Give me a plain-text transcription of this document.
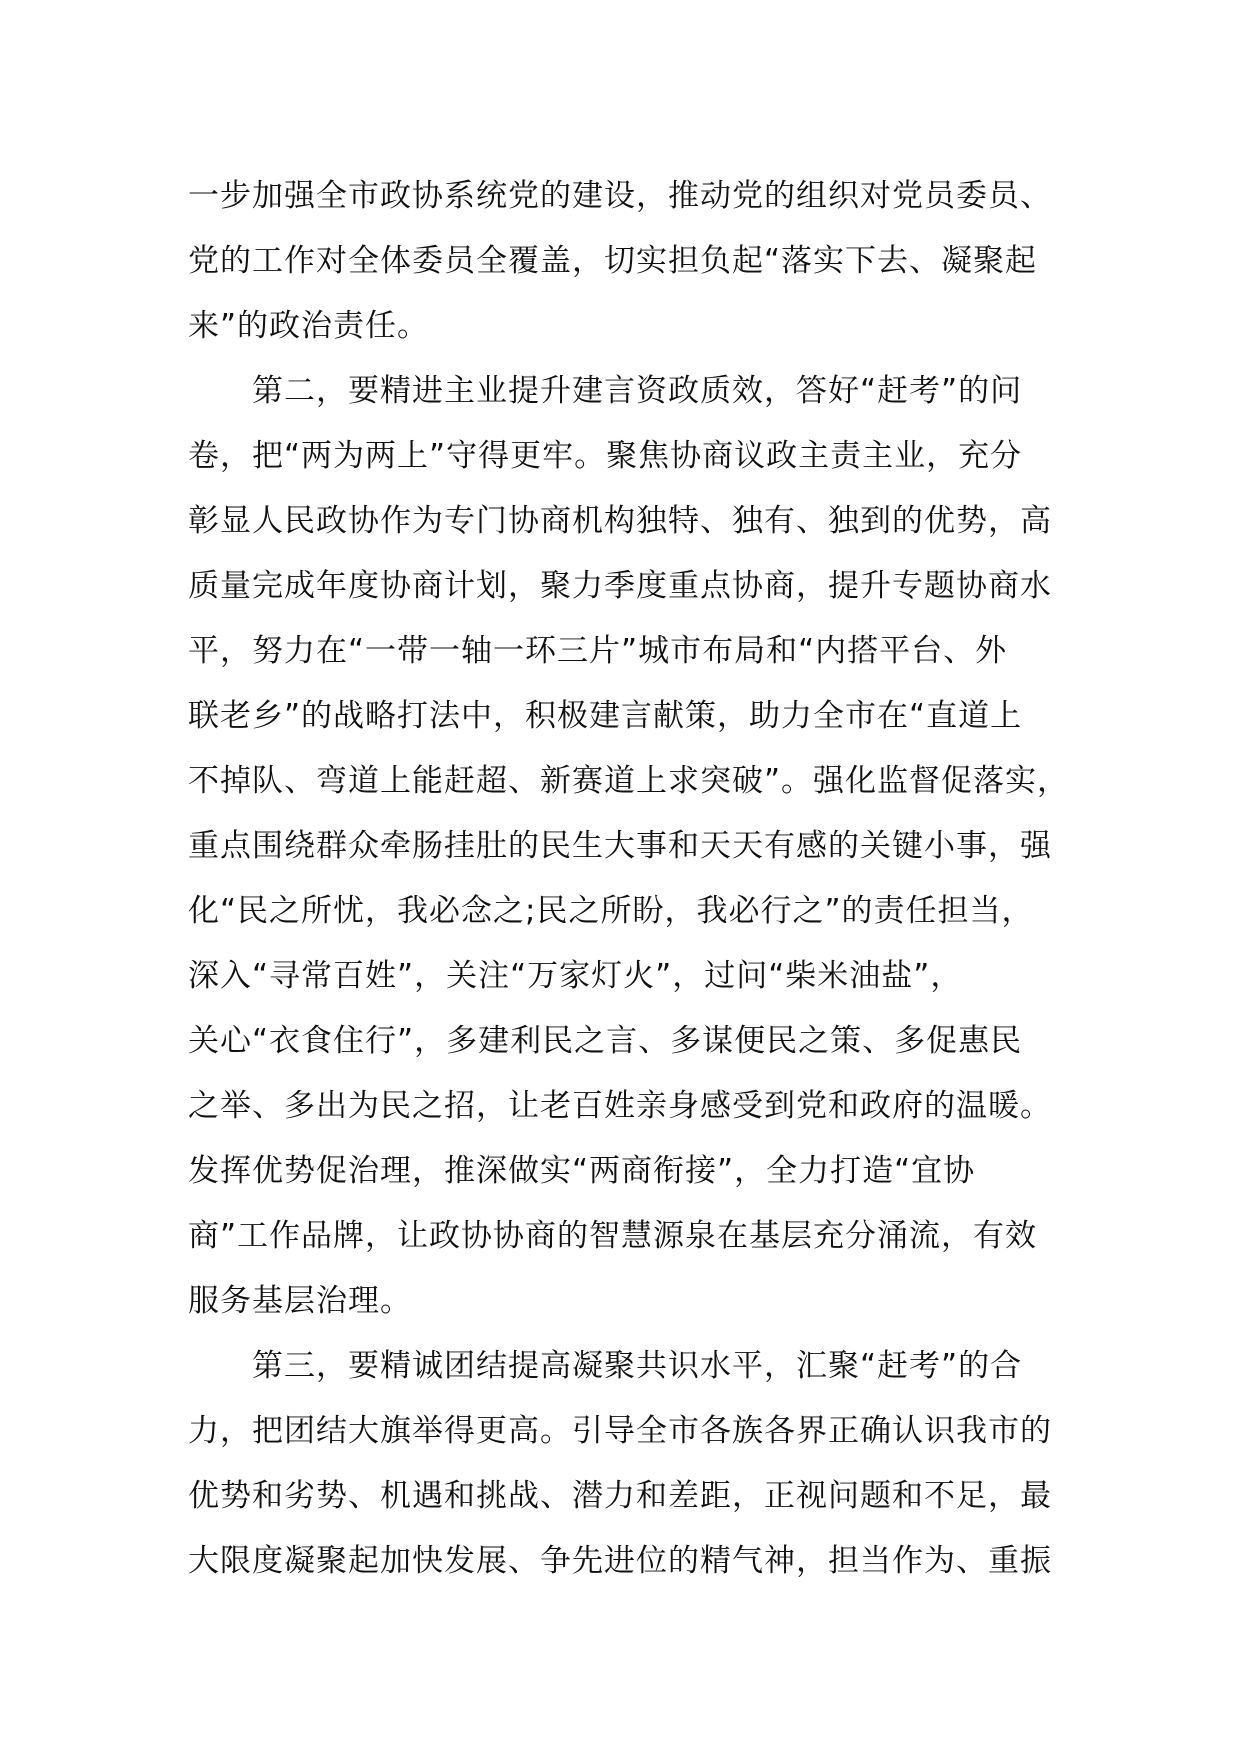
一步加强全市政协系统党的建设，推动党的组织对党员委员、
党的工作对全体委员全覆盖，切实担负起“落实下去、凝聚起
来”的政治责任。
　　第二，要精进主业提升建言资政质效，答好“赶考”的问
卷，把“两为两上”守得更牢。聚焦协商议政主责主业，充分
彰显人民政协作为专门协商机构独特、独有、独到的优势，高
质量完成年度协商计划，聚力季度重点协商，提升专题协商水
平，努力在“一带一轴一环三片”城市布局和“内搭平台、外
联老乡”的战略打法中，积极建言献策，助力全市在“直道上
不掉队、弯道上能赶超、新赛道上求突破”。强化监督促落实，
重点围绕群众牵肠挂肚的民生大事和天天有感的关键小事，强
化“民之所忧，我必念之;民之所盼，我必行之”的责任担当，
深入“寻常百姓”，关注“万家灯火”，过问“柴米油盐”，
关心“衣食住行”，多建利民之言、多谋便民之策、多促惠民
之举、多出为民之招，让老百姓亲身感受到党和政府的温暖。
发挥优势促治理，推深做实“两商衔接”，全力打造“宜协
商”工作品牌，让政协协商的智慧源泉在基层充分涌流，有效
服务基层治理。
　　第三，要精诚团结提高凝聚共识水平，汇聚“赶考”的合
力，把团结大旗举得更高。引导全市各族各界正确认识我市的
优势和劣势、机遇和挑战、潜力和差距，正视问题和不足，最
大限度凝聚起加快发展、争先进位的精气神，担当作为、重振
